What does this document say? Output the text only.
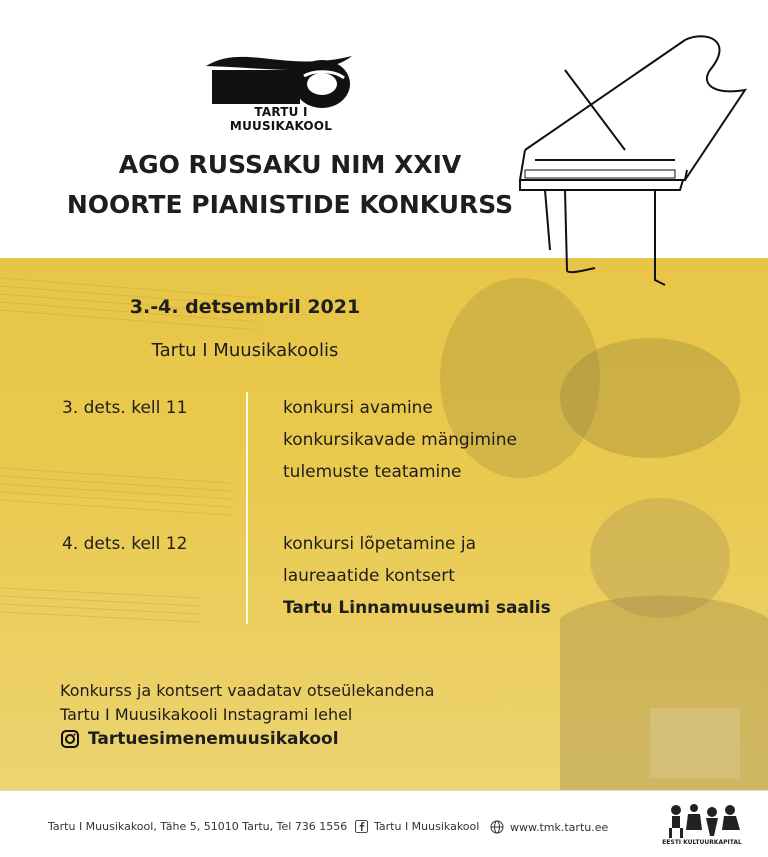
TARTU I MUUSIKAKOOL
AGO RUSSAKU NIM XXIV
NOORTE PIANISTIDE KONKURSS
3.-4. detsembril 2021
Tartu I Muusikakoolis
3. dets. kell 11	konkursi avamine
konkursikavade mängimine
tulemuste teatamine
4. dets. kell 12	konkursi lõpetamine ja
laureaatide kontsert
Tartu Linnamuuseumi saalis
Konkurss ja kontsert vaadatav otseülekandena
Tartu I Muusikakooli Instagrami lehel
Tartuesimenemuusikakool
Tartu I Muusikakool, Tähe 5, 51010 Tartu, Tel 736 1556 Tartu I Muusikakool	www.tmk.tartu.ee
EESTI KULTUURKAPITAL
